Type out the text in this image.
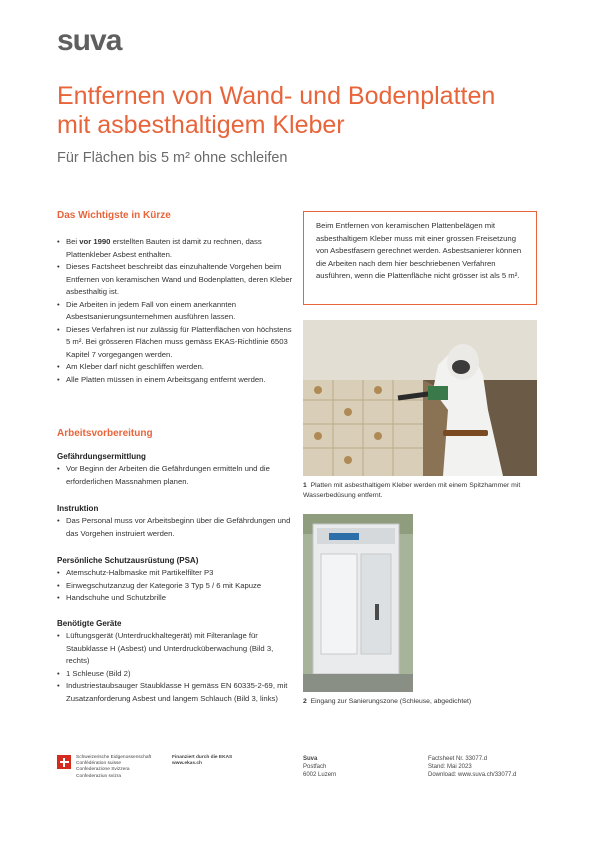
suva
Entfernen von Wand- und Bodenplatten
mit asbesthaltigem Kleber
Für Flächen bis 5 m² ohne schleifen
Das Wichtigste in Kürze
• Bei vor 1990 erstellten Bauten ist damit zu rechnen, dass Plattenkleber Asbest enthalten.
• Dieses Factsheet beschreibt das einzuhaltende Vorgehen beim Entfernen von keramischen Wand und Bodenplatten, deren Kleber asbesthaltig ist.
• Die Arbeiten in jedem Fall von einem anerkannten Asbestsanierungsunternehmen ausführen lassen.
• Dieses Verfahren ist nur zulässig für Plattenflächen von höchstens 5 m². Bei grösseren Flächen muss gemäss EKAS-Richtlinie 6503 Kapitel 7 vorgegangen werden.
• Am Kleber darf nicht geschliffen werden.
• Alle Platten müssen in einem Arbeitsgang entfernt werden.
Arbeitsvorbereitung
Gefährdungsermittlung
• Vor Beginn der Arbeiten die Gefährdungen ermitteln und die erforderlichen Massnahmen planen.
Instruktion
• Das Personal muss vor Arbeitsbeginn über die Gefährdungen und das Vorgehen instruiert werden.
Persönliche Schutzausrüstung (PSA)
• Atemschutz-Halbmaske mit Partikelfilter P3
• Einwegschutzanzug der Kategorie 3 Typ 5 / 6 mit Kapuze
• Handschuhe und Schutzbrille
Benötigte Geräte
• Lüftungsgerät (Unterdruckhaltegerät) mit Filteranlage für Staubklasse H (Asbest) und Unterdrucküberwachung (Bild 3, rechts)
• 1 Schleuse (Bild 2)
• Industriestaubsauger Staubklasse H gemäss EN 60335-2-69, mit Zusatzanforderung Asbest und langem Schlauch (Bild 3, links)

Beim Entfernen von keramischen Plattenbelägen mit asbesthaltigem Kleber muss mit einer grossen Freisetzung von Asbestfasern gerechnet werden. Asbestsanierer können die Arbeiten nach dem hier beschriebenen Verfahren ausführen, wenn die Plattenfläche nicht grösser ist als 5 m².

1 Platten mit asbesthaltigem Kleber werden mit einem Spitzhammer mit Wasserbedüsung entfernt.
2 Eingang zur Sanierungszone (Schleuse, abgedichtet)
Schweizerische Eidgenossenschaft
Confédération suisse
Confederazione Svizzera
Confederaziun svizra
Finanziert durch die EKAS
www.ekas.ch
Suva
Postfach
6002 Luzern
Factsheet Nr. 33077.d
Stand: Mai 2023
Download: www.suva.ch/33077.d
